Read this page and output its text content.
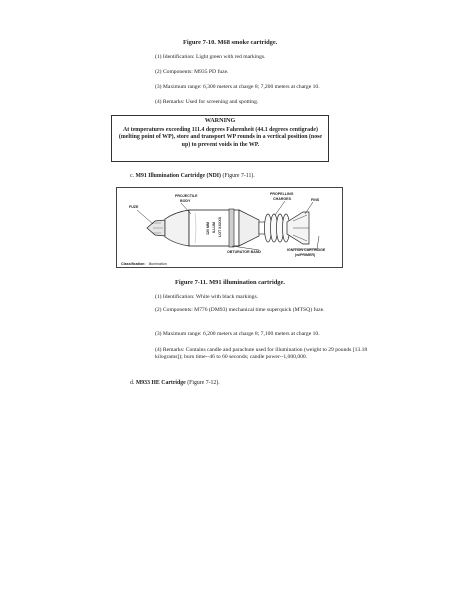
Figure 7-10. M68 smoke cartridge.
(1) Identification: Light green with red markings.
(2) Components: M935 PD fuze.
(3) Maximum range: 6,300 meters at charge 8; 7,200 meters at charge 10.
(4) Remarks: Used for screening and spotting.
WARNING
At temperatures exceeding 111.4 degrees Fahrenheit (44.1 degrees centigrade) (melting point of WP), store and transport WP rounds in a vertical position (nose up) to prevent voids in the WP.
c. M91 Illumination Cartridge (NDI) (Figure 7-11).
120 MM ILLUM LOT XXXXX
FUZE
PROJECTILE
BODY
PROPELLING
CHARGES	FINS
IGNITION CARTRIDGE
(w/PRIMER)
OBTURATOR BAND
Classification: Illumination
Figure 7-11. M91 illumination cartridge.
(1) Identification: White with black markings.
(2) Components: M776 (DM93) mechanical time superquick (MTSQ) fuze.
(3) Maximum range: 6,200 meters at charge 8; 7,100 meters at charge 10.
(4) Remarks: Contains candle and parachute used for illumination (weight to 29 pounds [13.18 kilograms]); burn time--46 to 60 seconds; candle power--1,000,000.
d. M933 HE Cartridge (Figure 7-12).
